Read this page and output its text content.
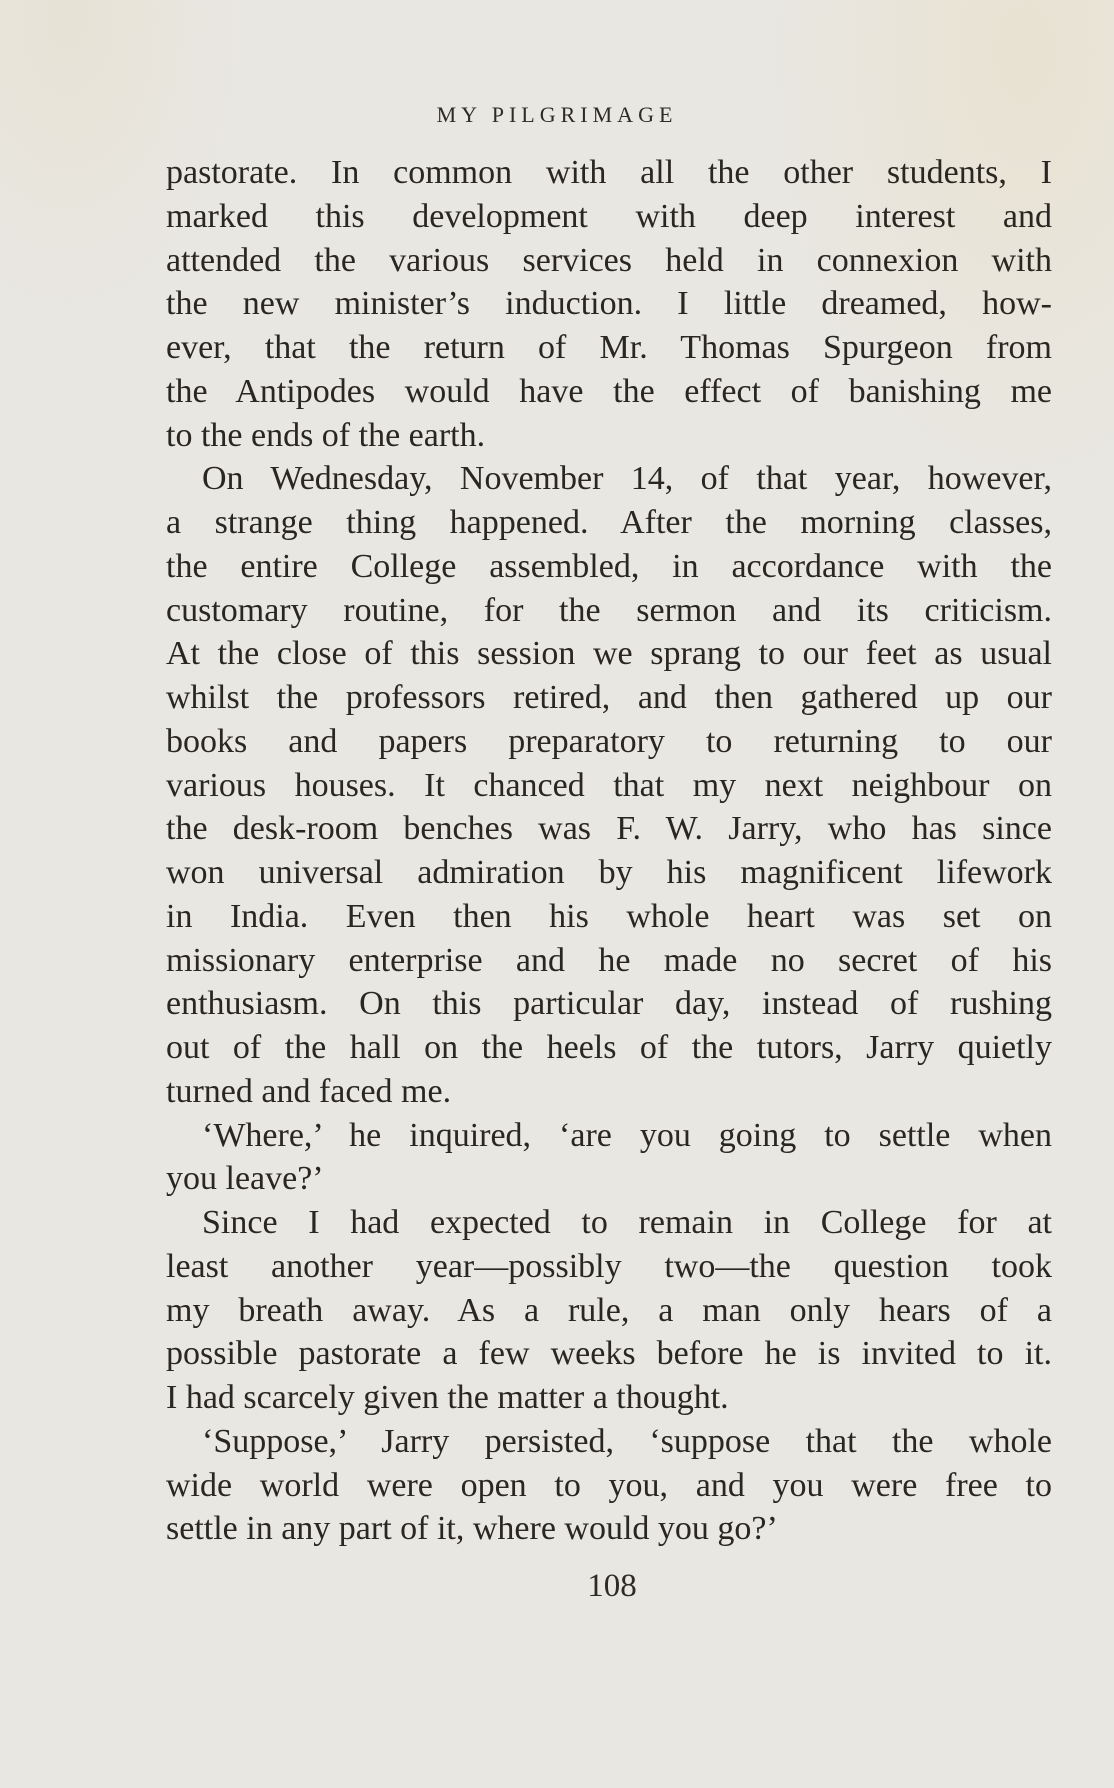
MY PILGRIMAGE
pastorate. In common with all the other students, I
marked this development with deep interest and
attended the various services held in connexion with
the new minister’s induction. I little dreamed, how-
ever, that the return of Mr. Thomas Spurgeon from
the Antipodes would have the effect of banishing me
to the ends of the earth.
On Wednesday, November 14, of that year, however,
a strange thing happened. After the morning classes,
the entire College assembled, in accordance with the
customary routine, for the sermon and its criticism.
At the close of this session we sprang to our feet as usual
whilst the professors retired, and then gathered up our
books and papers preparatory to returning to our
various houses. It chanced that my next neighbour on
the desk-room benches was F. W. Jarry, who has since
won universal admiration by his magnificent lifework
in India. Even then his whole heart was set on
missionary enterprise and he made no secret of his
enthusiasm. On this particular day, instead of rushing
out of the hall on the heels of the tutors, Jarry quietly
turned and faced me.
‘Where,’ he inquired, ‘are you going to settle when
you leave?’
Since I had expected to remain in College for at
least another year—possibly two—the question took
my breath away. As a rule, a man only hears of a
possible pastorate a few weeks before he is invited to it.
I had scarcely given the matter a thought.
‘Suppose,’ Jarry persisted, ‘suppose that the whole
wide world were open to you, and you were free to
settle in any part of it, where would you go?’
108
